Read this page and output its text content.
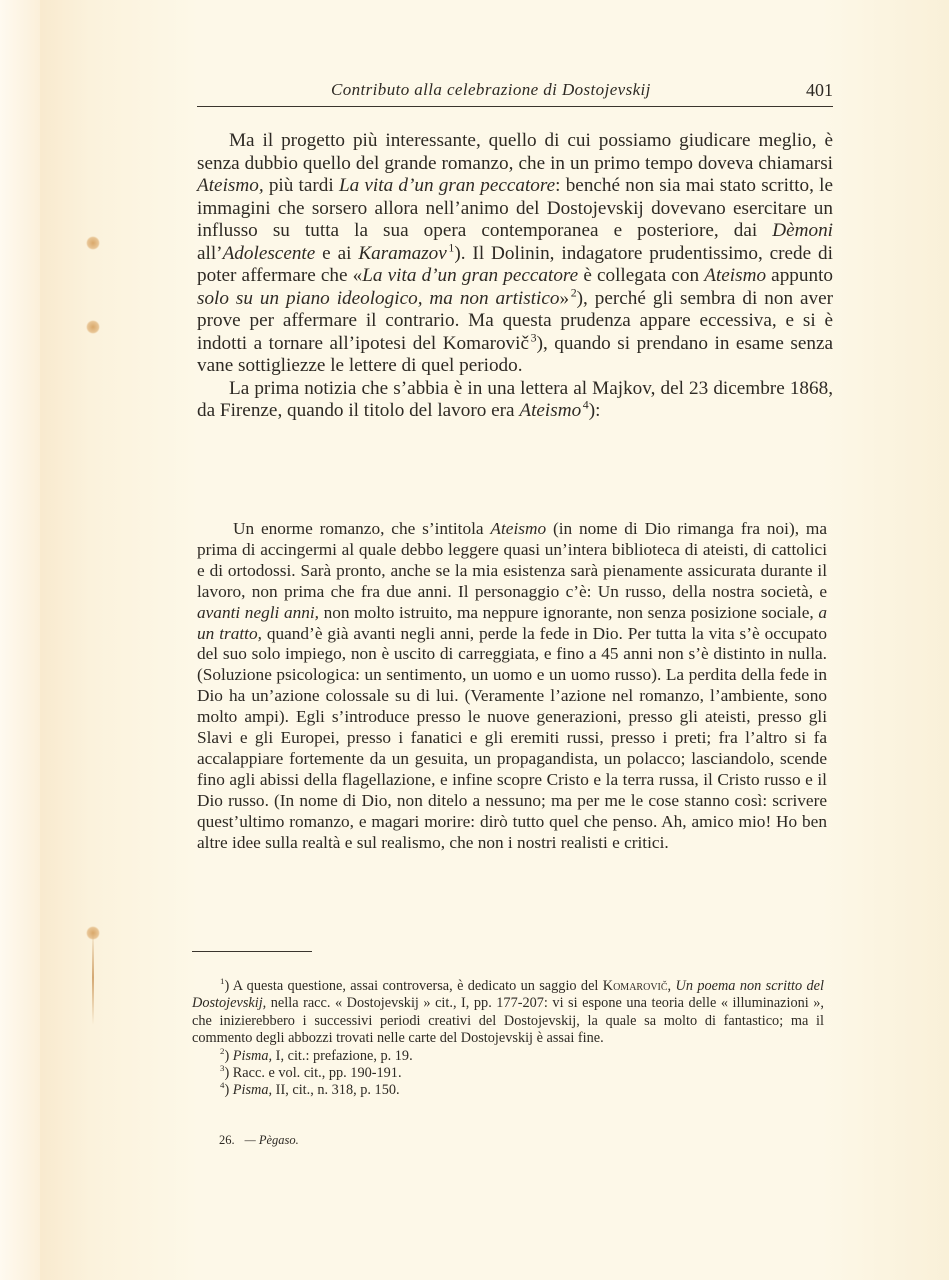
Contributo alla celebrazione di Dostojevskij	401

Ma il progetto più interessante, quello di cui possiamo giudicare meglio, è senza dubbio quello del grande romanzo, che in un primo tempo doveva chiamarsi Ateismo, più tardi La vita d’un gran peccatore: benché non sia mai stato scritto, le immagini che sorsero allora nell’animo del Dostojevskij dovevano esercitare un influsso su tutta la sua opera contemporanea e posteriore, dai Dèmoni all’Adolescente e ai Karamazov  $^1$). Il Dolinin, indagatore prudentissimo, crede di poter affermare che «La vita d’un gran peccatore è collegata con Ateismo appunto solo su un piano ideologico, ma non artistico»  $^2$), perché gli sembra di non aver prove per affermare il contrario. Ma questa prudenza appare eccessiva, e si è indotti a tornare all’ipotesi del Komarovič  $^3$), quando si prendano in esame senza vane sottigliezze le lettere di quel periodo.

La prima notizia che s’abbia è in una lettera al Majkov, del 23 dicembre 1868, da Firenze, quando il titolo del lavoro era Ateismo  $^4$):

Un enorme romanzo, che s’intitola Ateismo (in nome di Dio rimanga fra noi), ma prima di accingermi al quale debbo leggere quasi un’intera biblioteca di ateisti, di cattolici e di ortodossi. Sarà pronto, anche se la mia esistenza sarà pienamente assicurata durante il lavoro, non prima che fra due anni. Il personaggio c’è: Un russo, della nostra società, e avanti negli anni, non molto istruito, ma neppure ignorante, non senza posizione sociale, a un tratto, quand’è già avanti negli anni, perde la fede in Dio. Per tutta la vita s’è occupato del suo solo impiego, non è uscito di carreggiata, e fino a 45 anni non s’è distinto in nulla. (Soluzione psicologica: un sentimento, un uomo e un uomo russo). La perdita della fede in Dio ha un’azione colossale su di lui. (Veramente l’azione nel romanzo, l’ambiente, sono molto ampi). Egli s’introduce presso le nuove generazioni, presso gli ateisti, presso gli Slavi e gli Europei, presso i fanatici e gli eremiti russi, presso i preti; fra l’altro si fa accalappiare fortemente da un gesuita, un propagandista, un polacco; lasciandolo, scende fino agli abissi della flagellazione, e infine scopre Cristo e la terra russa, il Cristo russo e il Dio russo. (In nome di Dio, non ditelo a nessuno; ma per me le cose stanno così: scrivere quest’ultimo romanzo, e magari morire: dirò tutto quel che penso. Ah, amico mio! Ho ben altre idee sulla realtà e sul realismo, che non i nostri realisti e critici.

$^1$) A questa questione, assai controversa, è dedicato un saggio del Komarovič, Un poema non scritto del Dostojevskij, nella racc. « Dostojevskij » cit., I, pp. 177-207: vi si espone una teoria delle « illuminazioni », che inizierebbero i successivi periodi creativi del Dostojevskij, la quale sa molto di fantastico; ma il commento degli abbozzi trovati nelle carte del Dostojevskij è assai fine.

$^2$) Pisma, I, cit.: prefazione, p. 19.

$^3$) Racc. e vol. cit., pp. 190-191.

$^4$) Pisma, II, cit., n. 318, p. 150.

26. — Pègaso.
